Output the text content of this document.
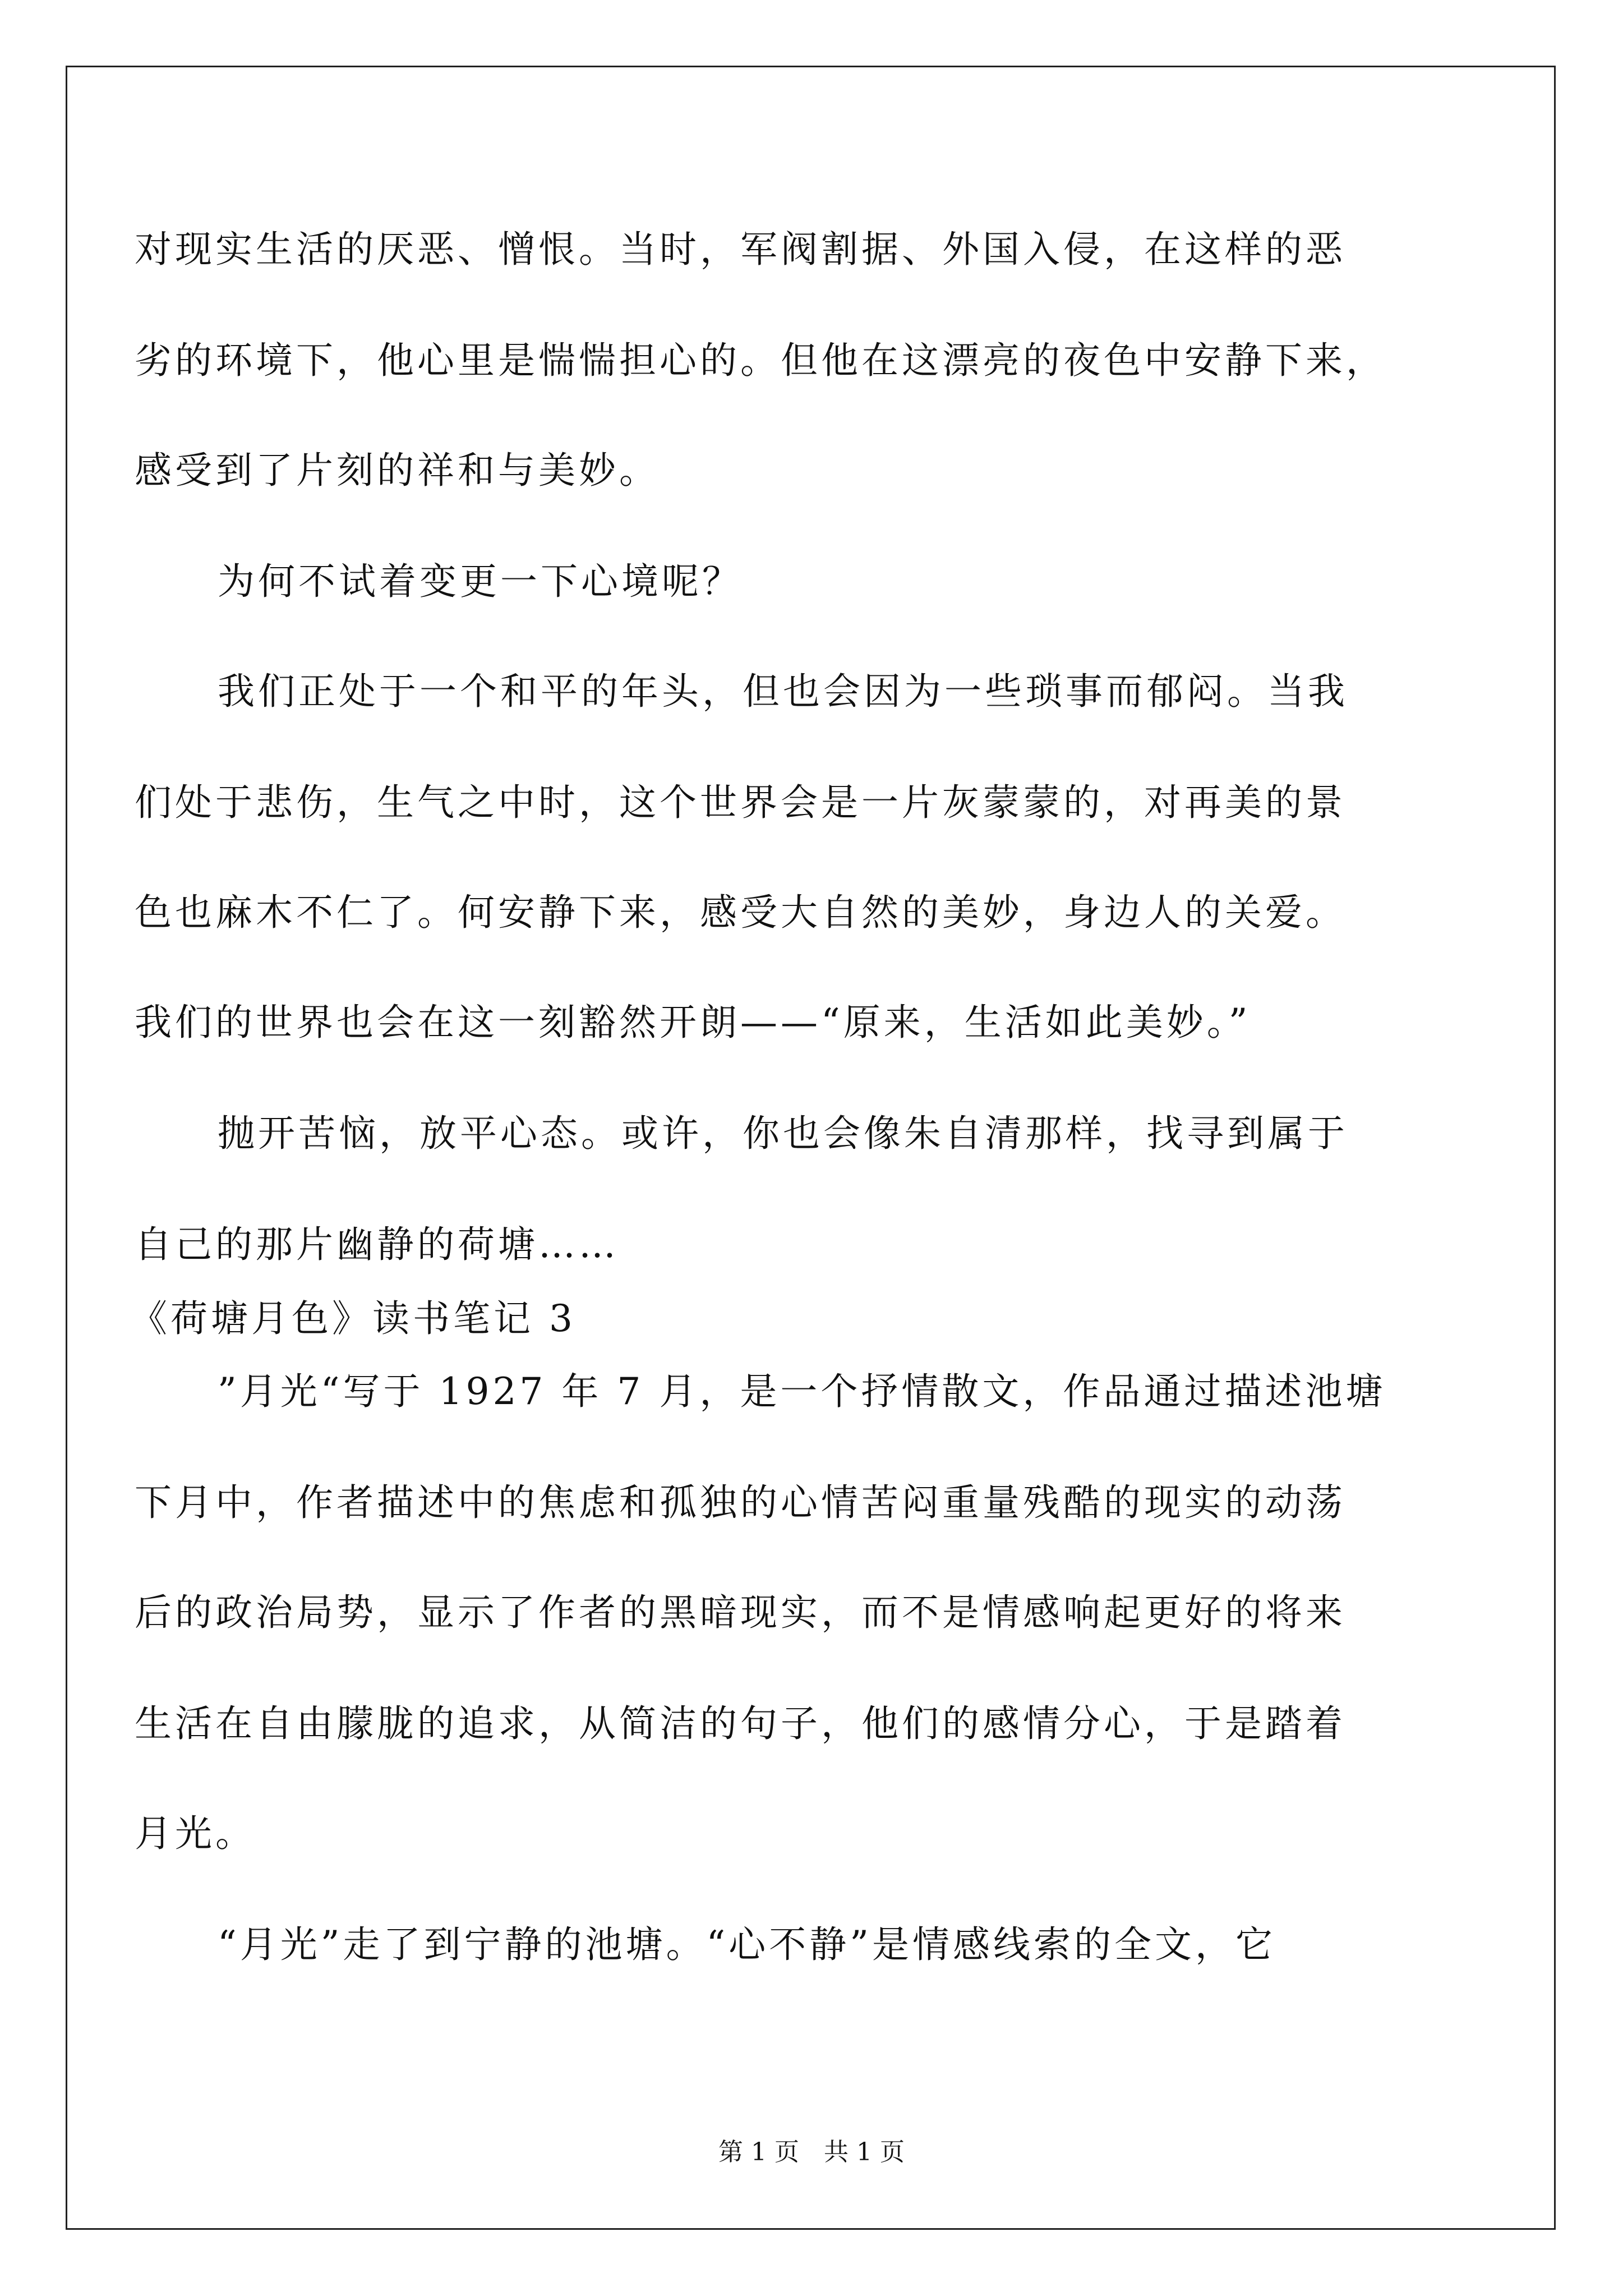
对现实生活的厌恶、憎恨。当时，军阀割据、外国入侵，在这样的恶
劣的环境下，他心里是惴惴担心的。但他在这漂亮的夜色中安静下来，
感受到了片刻的祥和与美妙。
为何不试着变更一下心境呢？
我们正处于一个和平的年头，但也会因为一些琐事而郁闷。当我
们处于悲伤，生气之中时，这个世界会是一片灰蒙蒙的，对再美的景
色也麻木不仁了。何安静下来，感受大自然的美妙，身边人的关爱。
我们的世界也会在这一刻豁然开朗——“原来，生活如此美妙。”
抛开苦恼，放平心态。或许，你也会像朱自清那样，找寻到属于
自己的那片幽静的荷塘……
《荷塘月色》读书笔记 3
”月光“写于 1927 年 7 月，是一个抒情散文，作品通过描述池塘
下月中，作者描述中的焦虑和孤独的心情苦闷重量残酷的现实的动荡
后的政治局势，显示了作者的黑暗现实，而不是情感响起更好的将来
生活在自由朦胧的追求，从简洁的句子，他们的感情分心，于是踏着
月光。
“月光”走了到宁静的池塘。“心不静”是情感线索的全文，它
第 1 页　共 1 页
